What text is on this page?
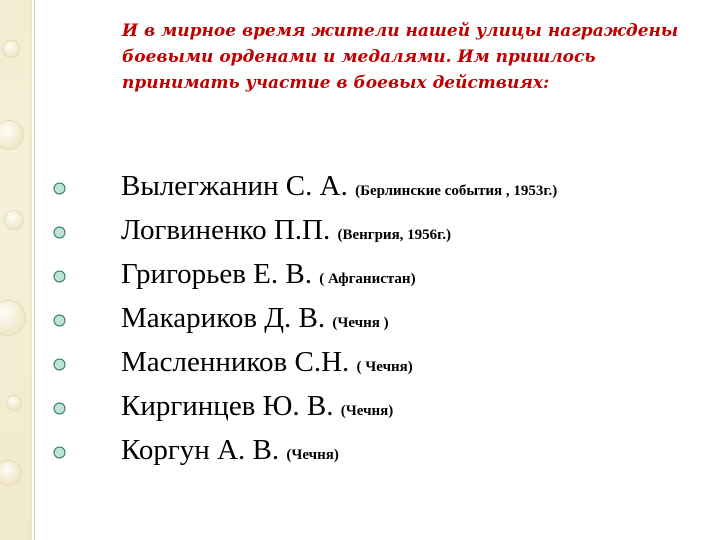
И в мирное время жители нашей улицы награждены
боевыми орденами и медалями. Им пришлось
принимать участие в боевых действиях:
Вылегжанин С. А. (Берлинские события , 1953г.)
Логвиненко П.П. (Венгрия, 1956г.)
Григорьев Е. В. ( Афганистан)
Макариков Д. В. (Чечня )
Масленников С.Н. ( Чечня)
Киргинцев Ю. В. (Чечня)
Коргун А. В. (Чечня)
